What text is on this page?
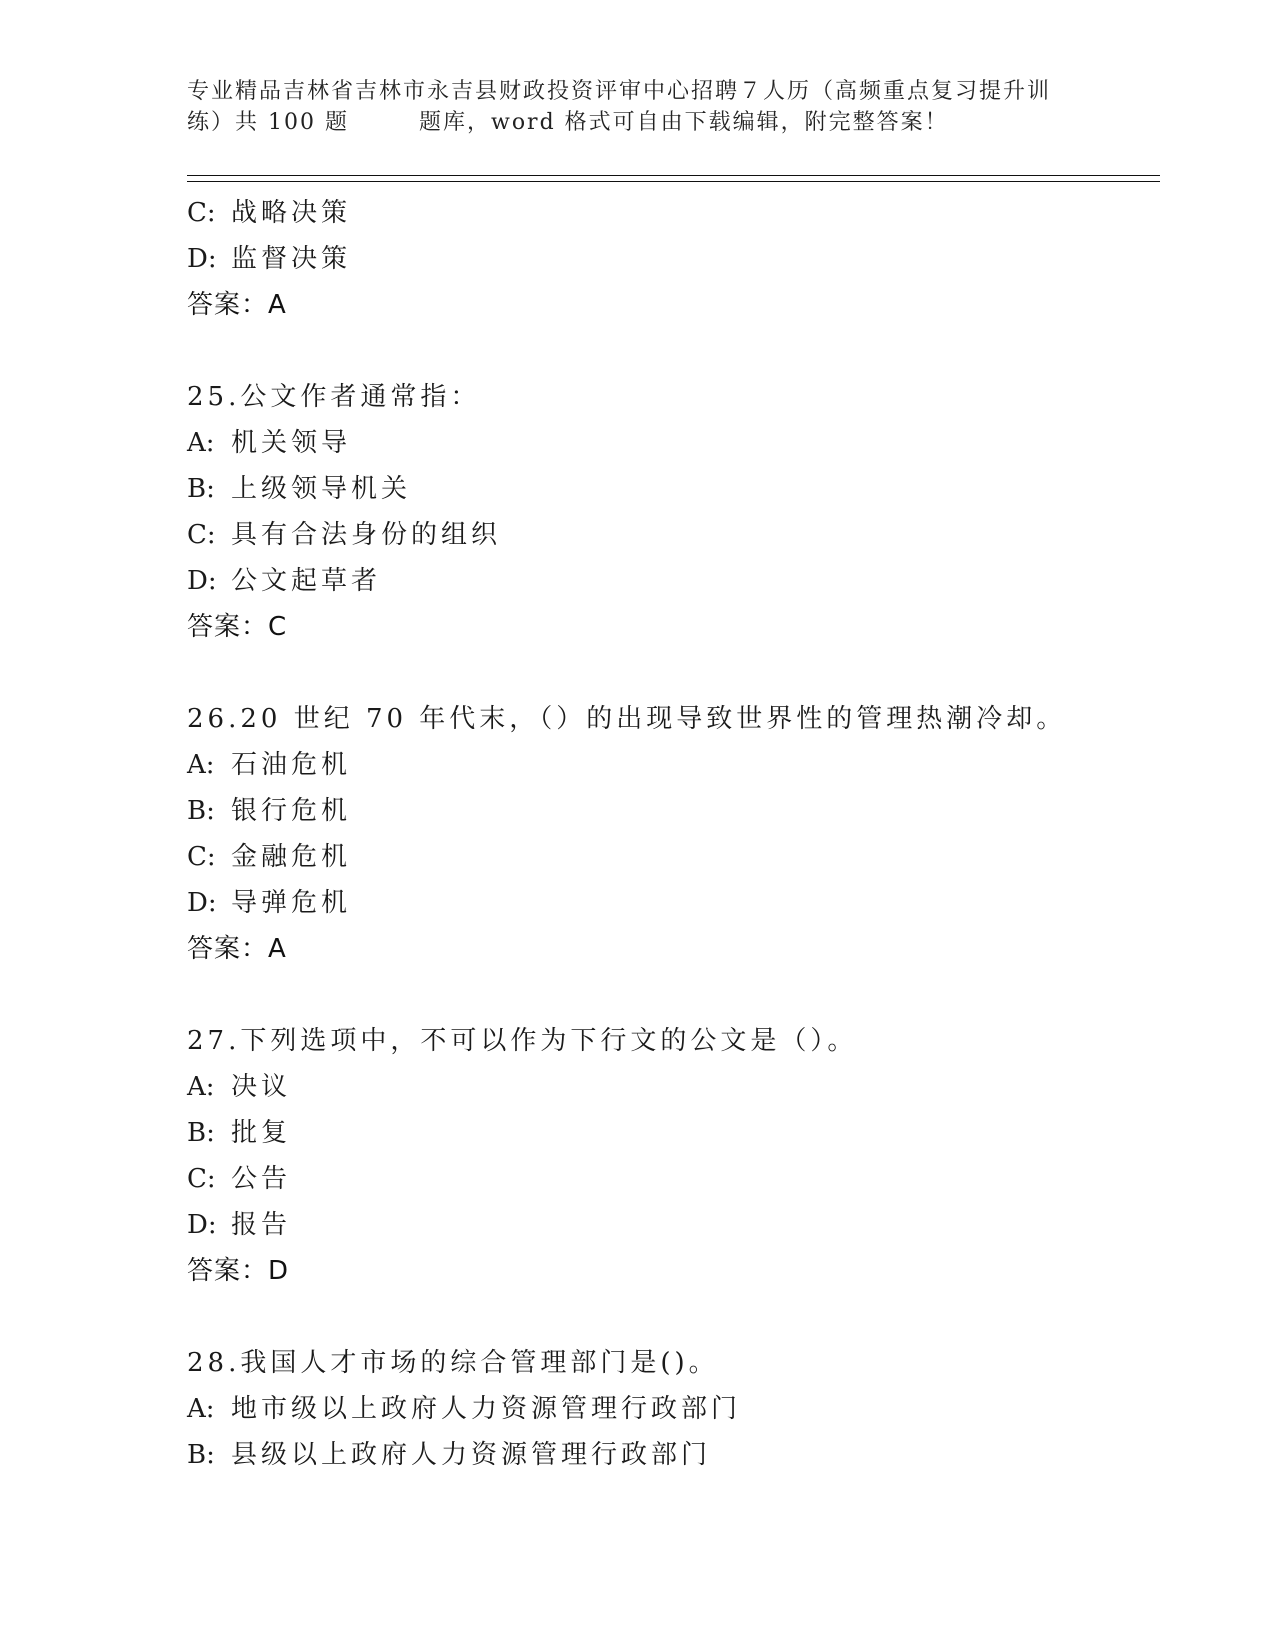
专业精品吉林省吉林市永吉县财政投资评审中心招聘７人历（高频重点复习提升训
练）共 100 题	题库，word 格式可自由下载编辑，附完整答案！
C: 战略决策
D: 监督决策
答案：A
25.公文作者通常指：
A: 机关领导
B: 上级领导机关
C: 具有合法身份的组织
D: 公文起草者
答案：C
26.20 世纪 70 年代末，（）的出现导致世界性的管理热潮冷却。
A: 石油危机
B: 银行危机
C: 金融危机
D: 导弹危机
答案：A
27.下列选项中，不可以作为下行文的公文是（）。
A: 决议
B: 批复
C: 公告
D: 报告
答案：D
28.我国人才市场的综合管理部门是()。
A: 地市级以上政府人力资源管理行政部门
B: 县级以上政府人力资源管理行政部门
